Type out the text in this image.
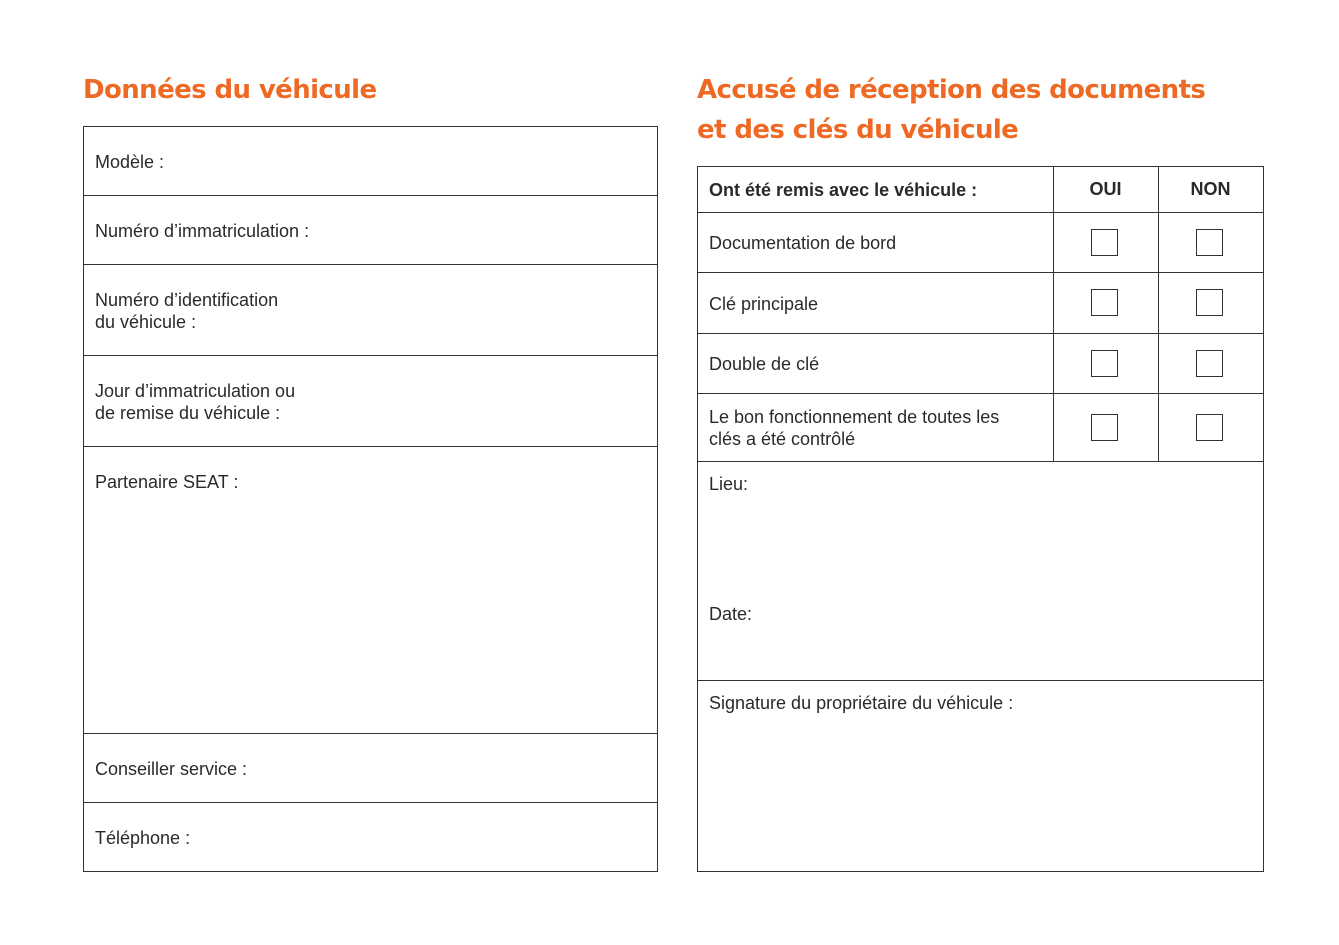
Données du véhicule
Modèle :
Numéro d’immatriculation :
Numéro d’identification
du véhicule :
Jour d’immatriculation ou
de remise du véhicule :
Partenaire SEAT :
Conseiller service :
Téléphone :
Accusé de réception des documents
et des clés du véhicule
Ont été remis avec le véhicule :	OUI	NON
Documentation de bord
Clé principale
Double de clé
Le bon fonctionnement de toutes les
clés a été contrôlé
Lieu:
Date:
Signature du propriétaire du véhicule :
